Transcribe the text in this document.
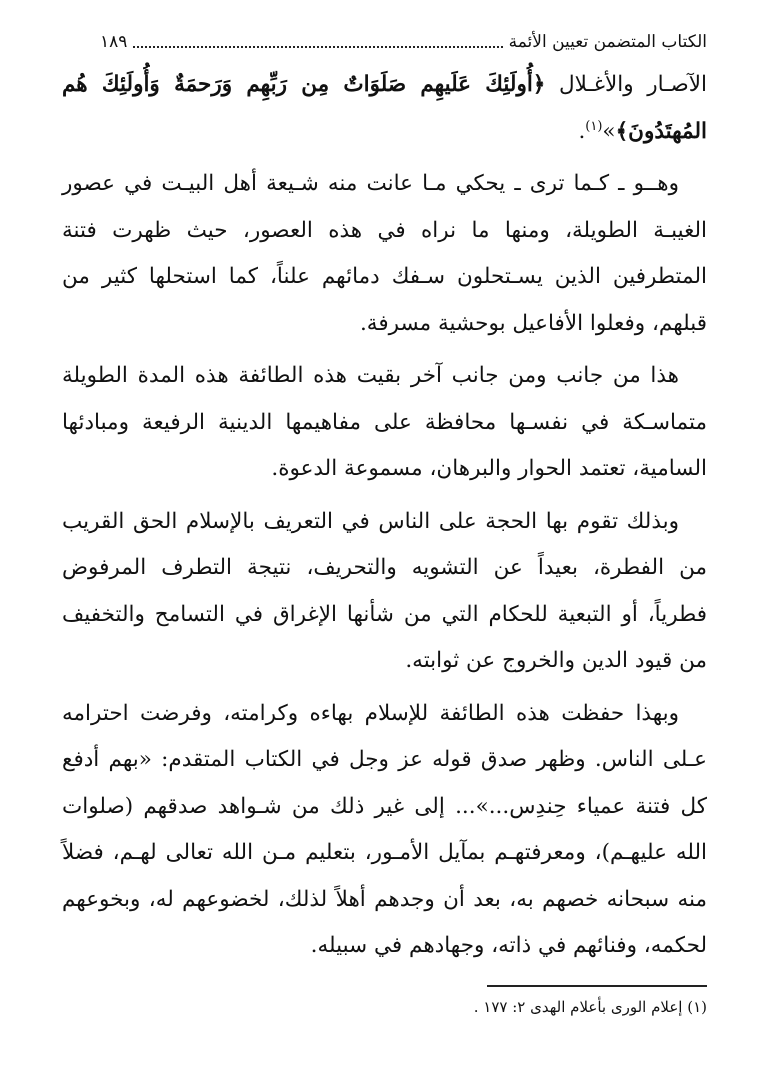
الكتاب المتضمن تعيين الأئمة
١٨٩

الآصـار والأغـلال ﴿أُولَئِكَ عَلَيهِم صَلَوَاتٌ مِن رَبِّهِم وَرَحمَةٌ وَأُولَئِكَ هُم المُهتَدُونَ﴾»$^{(١)}$.

وهــو ـ كـما ترى ـ يحكي مـا عانت منه شـيعة أهل البيـت في عصور الغيبـة الطويلة، ومنها ما نراه في هذه العصور، حيث ظهرت فتنة المتطرفين الذين يسـتحلون سـفك دمائهم علناً، كما استحلها كثير من قبلهم، وفعلوا الأفاعيل بوحشية مسرفة.

هذا من جانب ومن جانب آخر بقيت هذه الطائفة هذه المدة الطويلة متماسـكة في نفسـها محافظة على مفاهيمها الدينية الرفيعة ومبادئها السامية، تعتمد الحوار والبرهان، مسموعة الدعوة.

وبذلك تقوم بها الحجة على الناس في التعريف بالإسلام الحق القريب من الفطرة، بعيداً عن التشويه والتحريف، نتيجة التطرف المرفوض فطرياً، أو التبعية للحكام التي من شأنها الإغراق في التسامح والتخفيف من قيود الدين والخروج عن ثوابته.

وبهذا حفظت هذه الطائفة للإسلام بهاءه وكرامته، وفرضت احترامه عـلى الناس. وظهر صدق قوله عز وجل في الكتاب المتقدم: «بهم أدفع كل فتنة عمياء حِندِس...»... إلى غير ذلك من شـواهد صدقهم (صلوات الله عليهـم)، ومعرفتهـم بمآيل الأمـور، بتعليم مـن الله تعالى لهـم، فضلاً منه سبحانه خصهم به، بعد أن وجدهم أهلاً لذلك، لخضوعهم له، وبخوعهم لحكمه، وفنائهم في ذاته، وجهادهم في سبيله.

(١) إعلام الورى بأعلام الهدى ٢: ١٧٧ .
